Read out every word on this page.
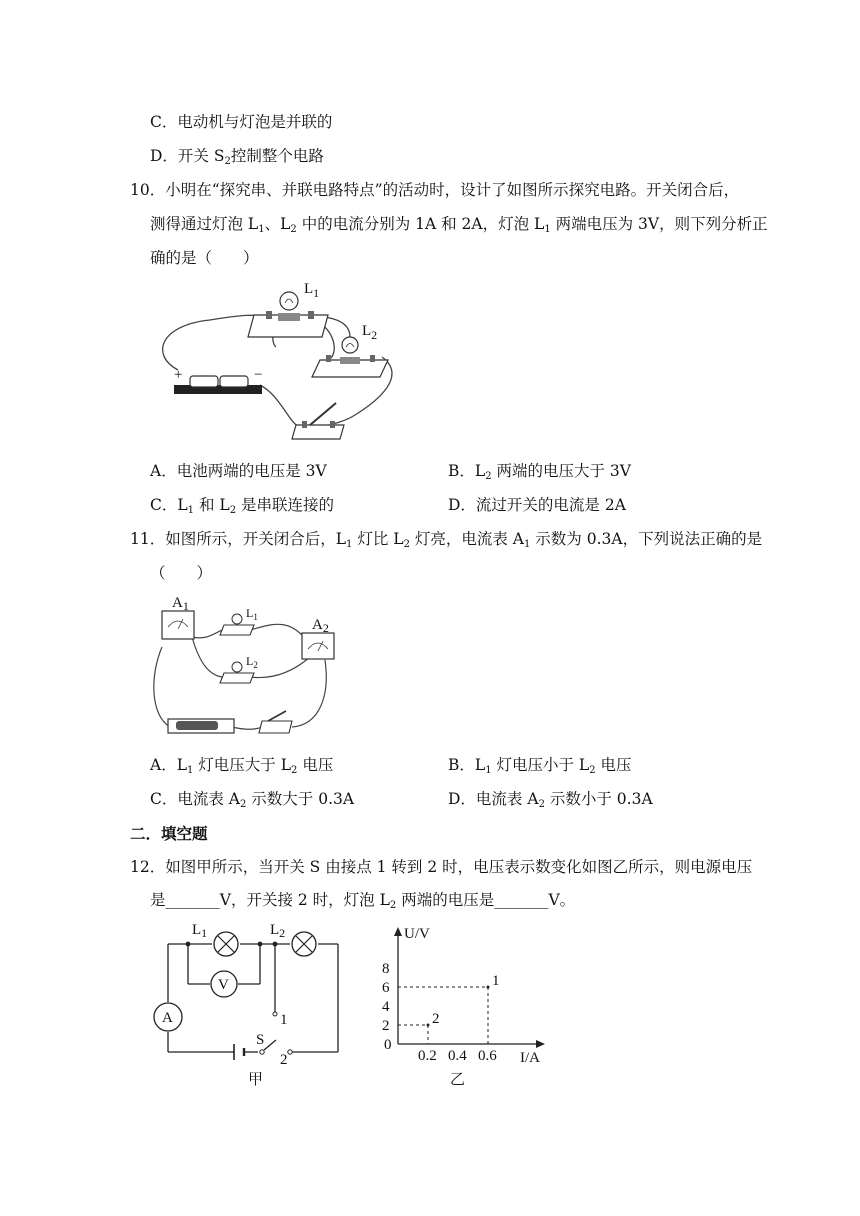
C．电动机与灯泡是并联的
D．开关 $S_2$控制整个电路
10．小明在“探究串、并联电路特点”的活动时，设计了如图所示探究电路。开关闭合后，
测得通过灯泡 $L_1$、$L_2$ 中的电流分别为 1A 和 2A，灯泡 $L_1$ 两端电压为 3V，则下列分析正
确的是（　　）
$L_1$
$L_2$
+	−
A．电池两端的电压是 3V	B．$L_2$ 两端的电压大于 3V
C．$L_1$ 和 $L_2$ 是串联连接的	D．流过开关的电流是 2A
11．如图所示，开关闭合后，$L_1$ 灯比 $L_2$ 灯亮，电流表 $A_1$ 示数为 0.3A，下列说法正确的是
（　　）
$A_1$
$A_2$
$L_1$
$L_2$
A．$L_1$ 灯电压大于 $L_2$ 电压	B．$L_1$ 灯电压小于 $L_2$ 电压
C．电流表 $A_2$ 示数大于 0.3A	D．电流表 $A_2$ 示数小于 0.3A
二．填空题
12．如图甲所示，当开关 S 由接点 1 转到 2 时，电压表示数变化如图乙所示，则电源电压
是_______V，开关接 2 时，灯泡 $L_2$ 两端的电压是_______V。
V
A
$L_1$	$L_2$
1
S
2
甲
U/V
I/A
0
乙
2
4
6
8
0.2 0.4 0.6
1
2
